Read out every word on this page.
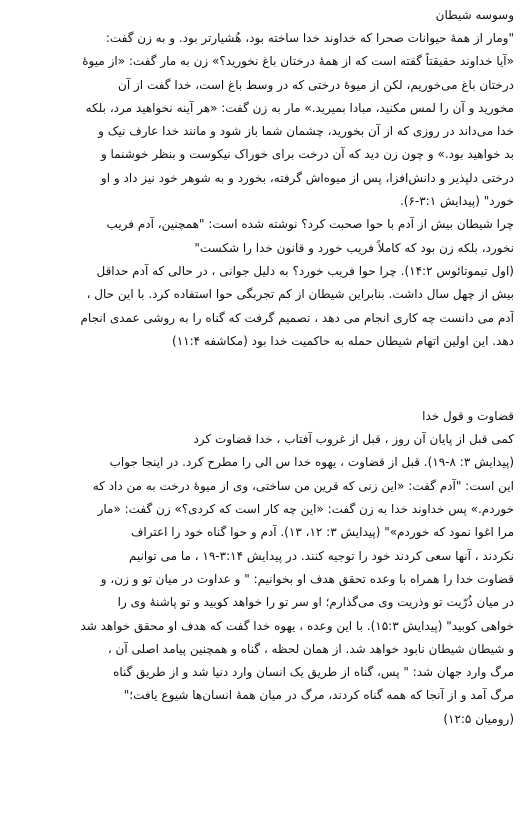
وسوسه شیطان
"ومار از همهٔ حیوانات صحرا که خداوند خدا ساخته بود، هُشیارتر بود. و به زن گفت:
«آیا خداوند حقیقتاً گفته است که از همهٔ درختان باغ نخورید؟» زن به مار گفت: «از میوهٔ
درختان باغ می‌خوریم، لکن از میوهٔ درختی که در وسط باغ است، خدا گفت از آن
مخورید و آن را لمس مکنید، مبادا بمیرید.» مار به زن گفت: «هر آینه نخواهید مرد، بلکه
خدا می‌داند در روزی که از آن بخورید، چشمان شما باز شود و مانند خدا عارف نیک و
بد خواهید بود.» و چون زن دید که آن درخت برای خوراک نیکوست و بنظر خوشنما و
درختی دلپذیر و دانش‌افزا، پس از میوه‌اش گرفته، بخورد و به شوهر خود نیز داد و او
خورد" (پیدایش ۳:۱-۶).
چرا شیطان بیش از آدم با حوا صحبت کرد؟ نوشته شده است: "همچنین، آدم فریب
نخورد، بلکه زن بود که کاملاً فریب خورد و قانون خدا را شکست"
(اول تیموتائوس ۱۴:۲). چرا حوا فریب خورد؟ به دلیل جوانی ، در حالی که آدم حداقل
بیش از چهل سال داشت. بنابراین شیطان از کم تجربگی حوا استفاده کرد. با این حال ،
آدم می دانست چه کاری انجام می دهد ، تصمیم گرفت که گناه را به روشی عمدی انجام
دهد. این اولین اتهام شیطان حمله به حاکمیت خدا بود (مکاشفه ۱۱:۴)
قضاوت و قول خدا
کمی قبل از پایان آن روز ، قبل از غروب آفتاب ، خدا قضاوت کرد
(پیدایش ۳: ۸-۱۹). قبل از قضاوت ، یهوه خدا س الی را مطرح کرد. در اینجا جواب
این است: "آدم گفت: «این زنی که قرین من ساختی، وی از میوهٔ درخت به من داد که
خوردم.» پس خداوند خدا به زن گفت: «این چه کار است که کردی؟» زن گفت: «مار
مرا اغوا نمود که خوردم»" (پیدایش ۳: ۱۲، ۱۳). آدم و حوا گناه خود را اعتراف
نکردند ، آنها سعی کردند خود را توجیه کنند. در پیدایش ۳:۱۴-۱۹ ، ما می توانیم
قضاوت خدا را همراه با وعده تحقق هدف او بخوانیم: " و عداوت در میان تو و زن، و
در میان ذُرّیت تو وذریت وی می‌گذارم؛ او سر تو را خواهد کوبید و تو پاشنهٔ وی را
خواهی کوبید" (پیدایش ۱۵:۳). با این وعده ، یهوه خدا گفت که هدف او محقق خواهد شد
و شیطان شیطان نابود خواهد شد. از همان لحظه ، گناه و همچنین پیامد اصلی آن ،
مرگ وارد جهان شد: " پس، گناه از طریق یک انسان وارد دنیا شد و از طریق گناه
مرگ آمد و از آنجا که همه گناه کردند، مرگ در میان همهٔ انسان‌ها شیوع یافت؛"
(رومیان ۱۲:۵)
